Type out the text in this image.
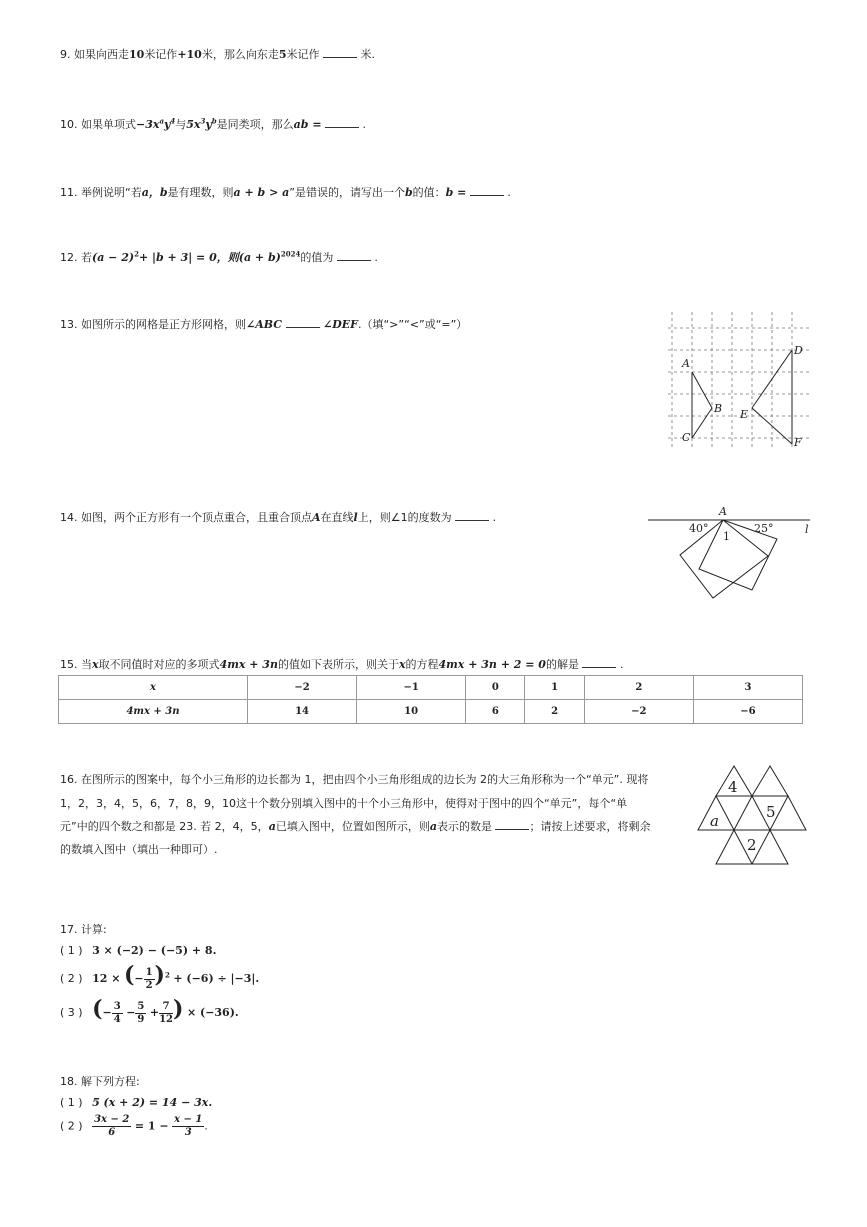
9. 如果向西走10米记作+10米，那么向东走5米记作	米.
10. 如果单项式$-3x^ay^4$与$5x^3y^b$是同类项，那么ab =	.
11. 举例说明“若a，b是有理数，则a + b > a”是错误的，请写出一个b的值：b =	.
12. 若$(a - 2)^2+ |b + 3| = 0$，则$(a + b)^{2024}$的值为	.
13. 如图所示的网格是正方形网格，则∠ABC	∠DEF.（填“>”“<”或“=”）
A
B
C
D
E
F
14. 如图，两个正方形有一个顶点重合，且重合顶点A在直线l上，则∠1的度数为	.	A
40°	25°
1
l
15. 当x取不同值时对应的多项式4mx + 3n的值如下表所示，则关于x的方程4mx + 3n + 2 = 0的解是	.
x	−2	−1	0	1	2	3
4mx + 3n	14	10	6	2	−2	−6
16. 在图所示的图案中，每个小三角形的边长都为 1，把由四个小三角形组成的边长为 2的大三角形称为一个“单元”. 现将
1，2，3，4，5，6，7，8，9，10这十个数分别填入图中的十个小三角形中，使得对于图中的四个“单元”，每个“单
元”中的四个数之和都是 23. 若 2，4，5，a已填入图中，位置如图所示，则a表示的数是	；请按上述要求，将剩余
的数填入图中（填出一种即可）.
4
5
a
2
17. 计算:
( 1 ) 3 × (−2) − (−5) + 8.
( 2 ) 12 × (− $\frac{1}{2} )^2 + (-6) \div |-3|$.
( 3 ) (− $\frac{3}{4} - \frac{5}{9} + \frac{7}{12}$ ) × (−36).
18. 解下列方程:
( 1 ) 5 (x + 2) = 14 − 3x.
( 2 ) $\frac{3x - 2}{6} = 1 - \frac{x - 1}{3}$ .
